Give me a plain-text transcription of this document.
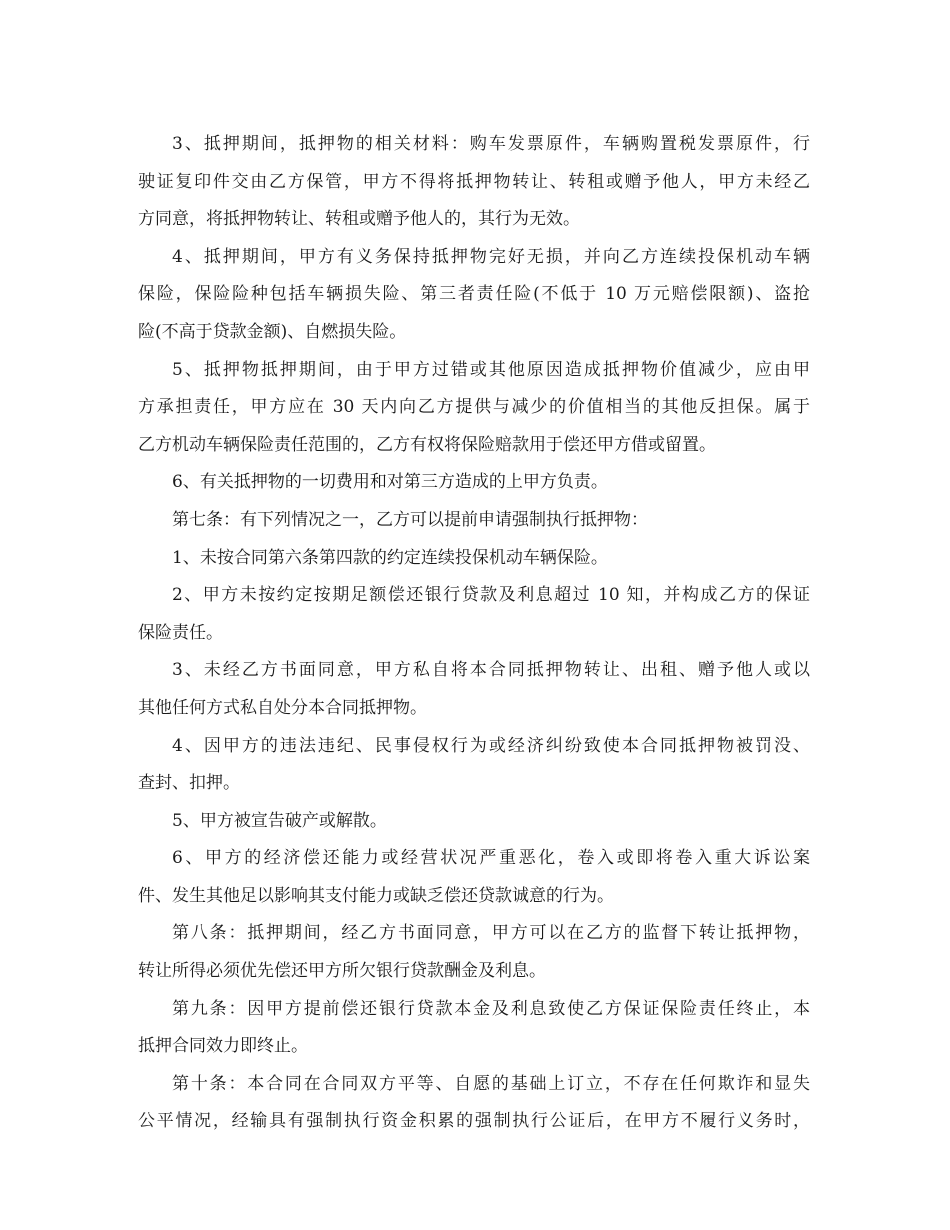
3、抵押期间，抵押物的相关材料：购车发票原件，车辆购置税发票原件，行
驶证复印件交由乙方保管，甲方不得将抵押物转让、转租或赠予他人，甲方未经乙
方同意，将抵押物转让、转租或赠予他人的，其行为无效。

4、抵押期间，甲方有义务保持抵押物完好无损，并向乙方连续投保机动车辆
保险，保险险种包括车辆损失险、第三者责任险(不低于 10 万元赔偿限额)、盗抢
险(不高于贷款金额)、自燃损失险。

5、抵押物抵押期间，由于甲方过错或其他原因造成抵押物价值减少，应由甲
方承担责任，甲方应在 30 天内向乙方提供与减少的价值相当的其他反担保。属于
乙方机动车辆保险责任范围的，乙方有权将保险赔款用于偿还甲方借或留置。

6、有关抵押物的一切费用和对第三方造成的上甲方负责。

第七条：有下列情况之一，乙方可以提前申请强制执行抵押物：

1、未按合同第六条第四款的约定连续投保机动车辆保险。

2、甲方未按约定按期足额偿还银行贷款及利息超过 10 知，并构成乙方的保证
保险责任。

3、未经乙方书面同意，甲方私自将本合同抵押物转让、出租、赠予他人或以
其他任何方式私自处分本合同抵押物。

4、因甲方的违法违纪、民事侵权行为或经济纠纷致使本合同抵押物被罚没、
查封、扣押。

5、甲方被宣告破产或解散。

6、甲方的经济偿还能力或经营状况严重恶化，卷入或即将卷入重大诉讼案
件、发生其他足以影响其支付能力或缺乏偿还贷款诚意的行为。

第八条：抵押期间，经乙方书面同意，甲方可以在乙方的监督下转让抵押物，
转让所得必须优先偿还甲方所欠银行贷款酬金及利息。

第九条：因甲方提前偿还银行贷款本金及利息致使乙方保证保险责任终止，本
抵押合同效力即终止。

第十条：本合同在合同双方平等、自愿的基础上订立，不存在任何欺诈和显失
公平情况，经输具有强制执行资金积累的强制执行公证后，在甲方不履行义务时，
